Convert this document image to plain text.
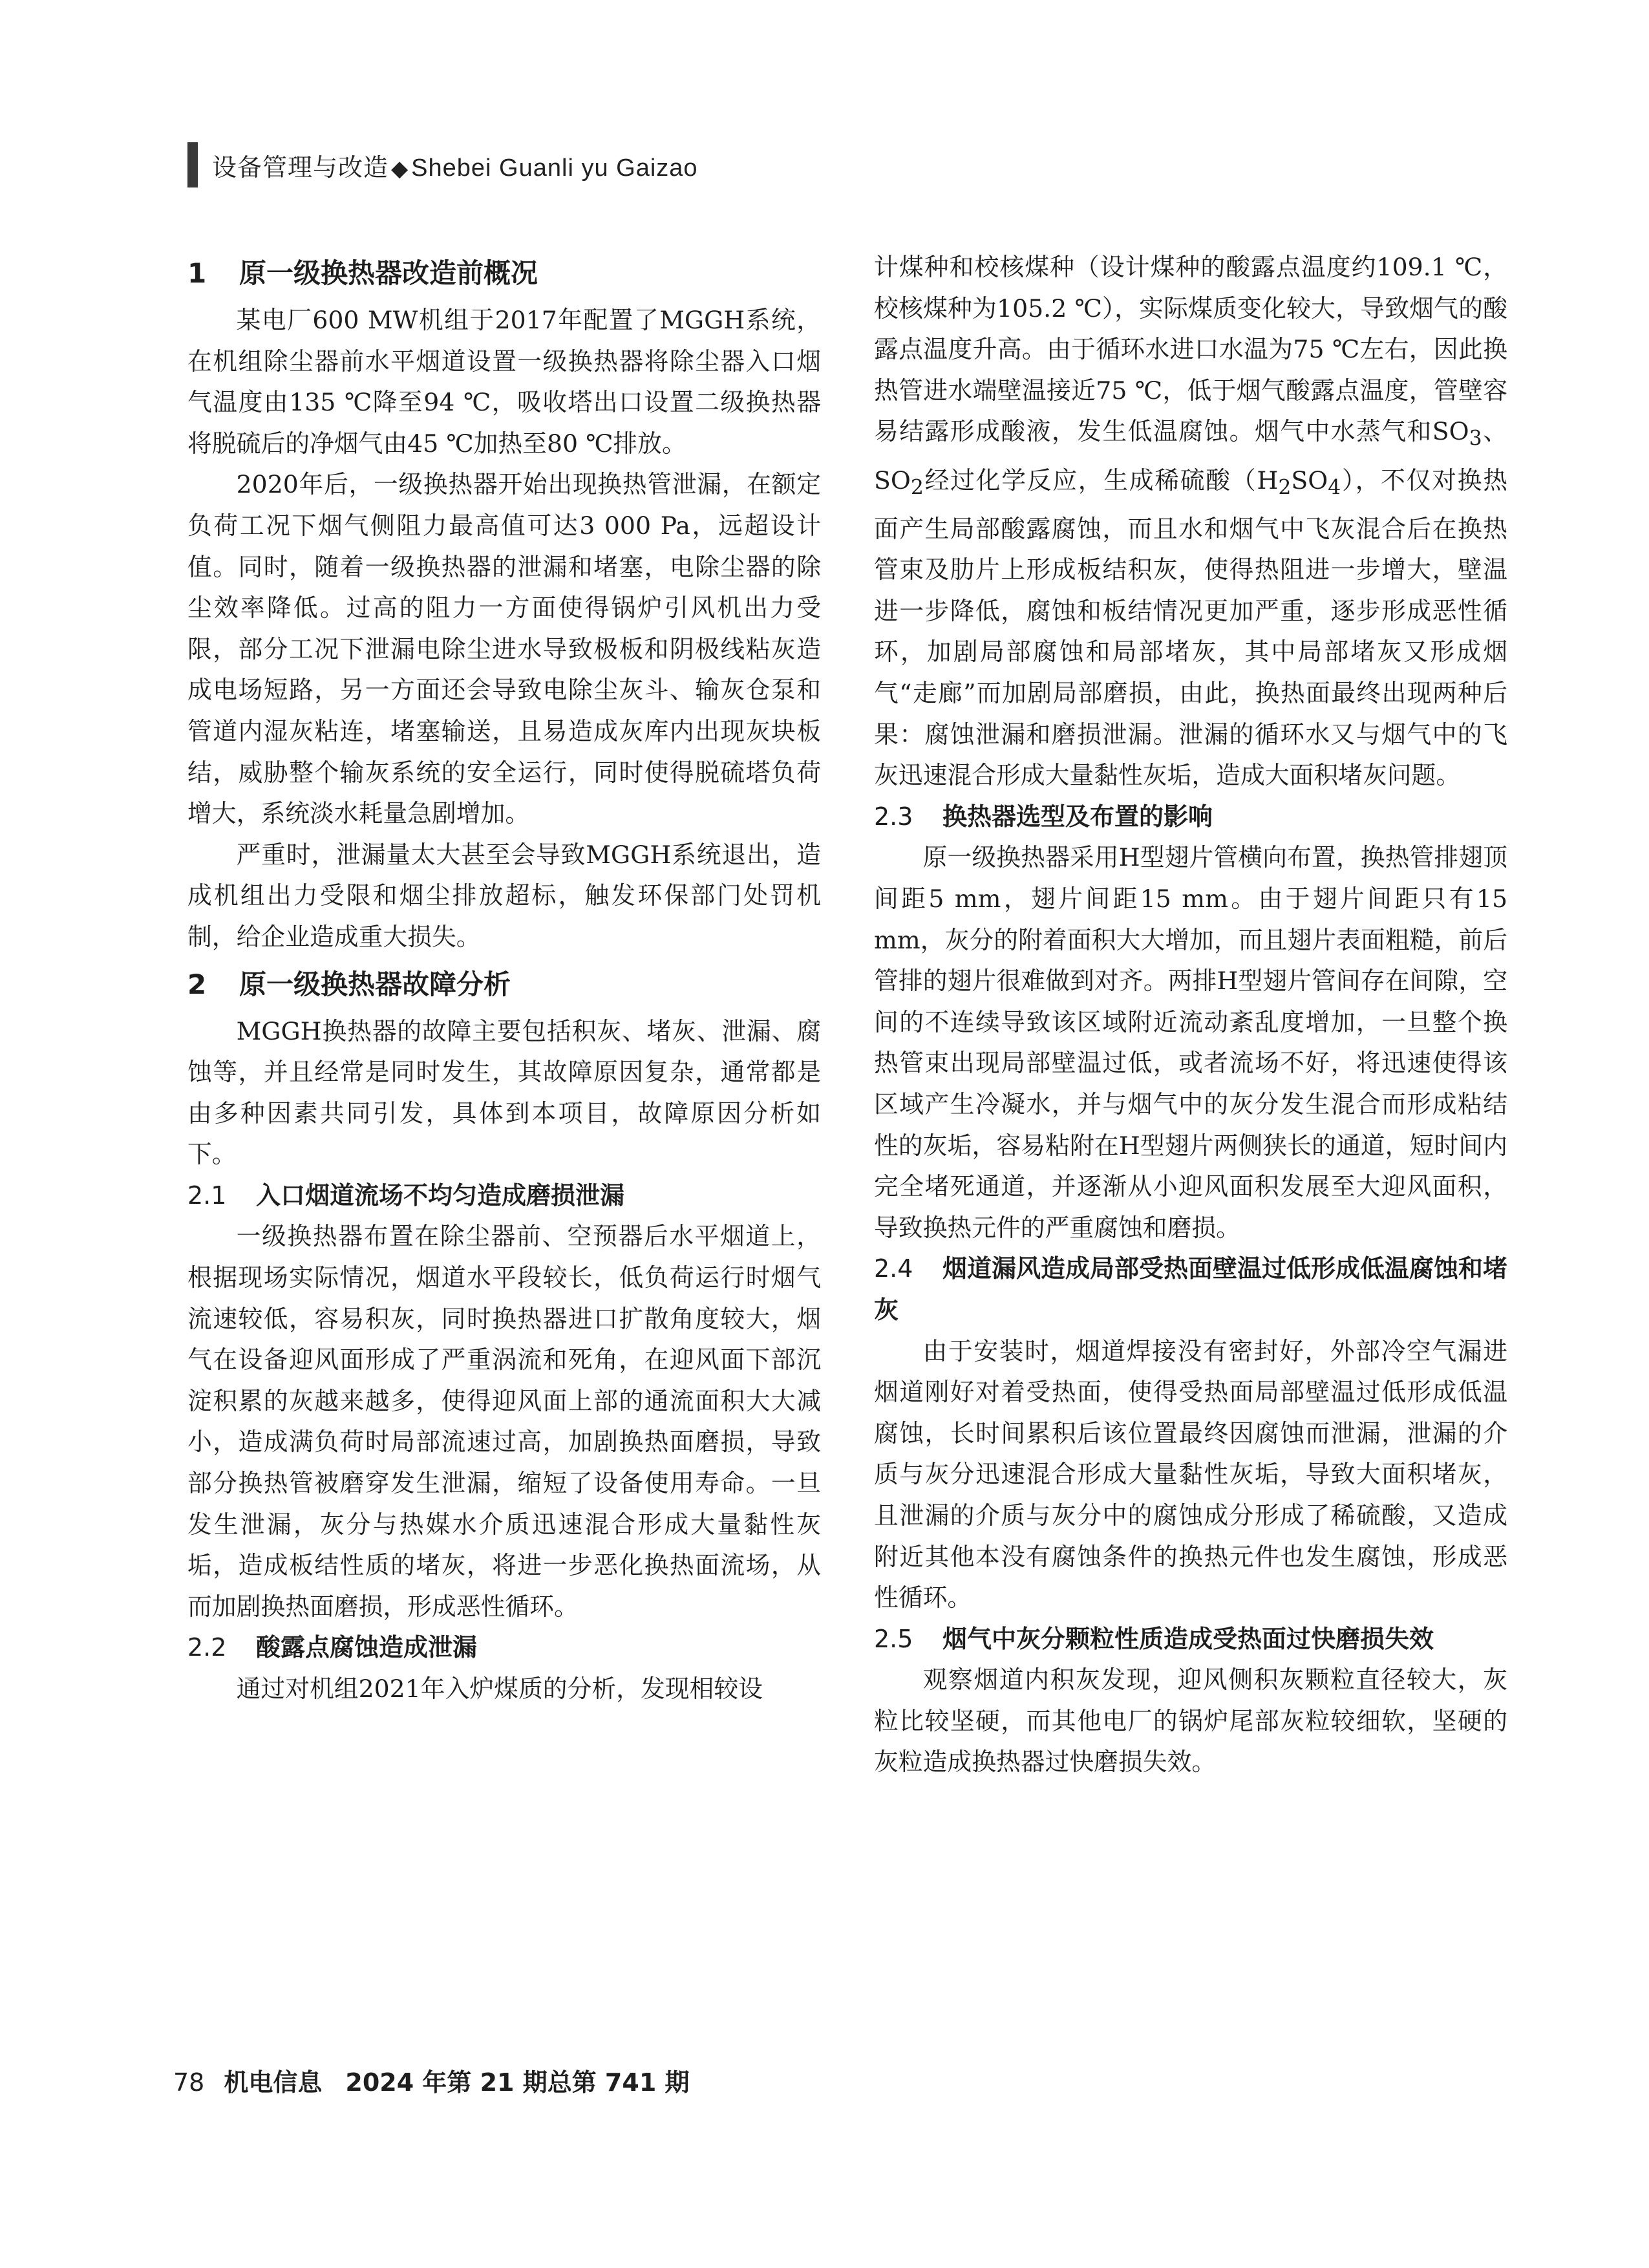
设备管理与改造 ◆ Shebei Guanli yu Gaizao
1 原一级换热器改造前概况

某电厂600 MW机组于2017年配置了MGGH系统，在机组除尘器前水平烟道设置一级换热器将除尘器入口烟气温度由135 ℃降至94 ℃，吸收塔出口设置二级换热器将脱硫后的净烟气由45 ℃加热至80 ℃排放。

2020年后，一级换热器开始出现换热管泄漏，在额定负荷工况下烟气侧阻力最高值可达3 000 Pa，远超设计值。同时，随着一级换热器的泄漏和堵塞，电除尘器的除尘效率降低。过高的阻力一方面使得锅炉引风机出力受限，部分工况下泄漏电除尘进水导致极板和阴极线粘灰造成电场短路，另一方面还会导致电除尘灰斗、输灰仓泵和管道内湿灰粘连，堵塞输送，且易造成灰库内出现灰块板结，威胁整个输灰系统的安全运行，同时使得脱硫塔负荷增大，系统淡水耗量急剧增加。

严重时，泄漏量太大甚至会导致MGGH系统退出，造成机组出力受限和烟尘排放超标，触发环保部门处罚机制，给企业造成重大损失。

2 原一级换热器故障分析

MGGH换热器的故障主要包括积灰、堵灰、泄漏、腐蚀等，并且经常是同时发生，其故障原因复杂，通常都是由多种因素共同引发，具体到本项目，故障原因分析如下。

2.1 入口烟道流场不均匀造成磨损泄漏

一级换热器布置在除尘器前、空预器后水平烟道上，根据现场实际情况，烟道水平段较长，低负荷运行时烟气流速较低，容易积灰，同时换热器进口扩散角度较大，烟气在设备迎风面形成了严重涡流和死角，在迎风面下部沉淀积累的灰越来越多，使得迎风面上部的通流面积大大减小，造成满负荷时局部流速过高，加剧换热面磨损，导致部分换热管被磨穿发生泄漏，缩短了设备使用寿命。一旦发生泄漏，灰分与热媒水介质迅速混合形成大量黏性灰垢，造成板结性质的堵灰，将进一步恶化换热面流场，从而加剧换热面磨损，形成恶性循环。

2.2 酸露点腐蚀造成泄漏

通过对机组2021年入炉煤质的分析，发现相较设

计煤种和校核煤种（设计煤种的酸露点温度约109.1 ℃，校核煤种为105.2 ℃），实际煤质变化较大，导致烟气的酸露点温度升高。由于循环水进口水温为75 ℃左右，因此换热管进水端壁温接近75 ℃，低于烟气酸露点温度，管壁容易结露形成酸液，发生低温腐蚀。烟气中水蒸气和$SO_3$、$SO_2$经过化学反应，生成稀硫酸$(H_2SO_4)$，不仅对换热面产生局部酸露腐蚀，而且水和烟气中飞灰混合后在换热管束及肋片上形成板结积灰，使得热阻进一步增大，壁温进一步降低，腐蚀和板结情况更加严重，逐步形成恶性循环，加剧局部腐蚀和局部堵灰，其中局部堵灰又形成烟气“走廊”而加剧局部磨损，由此，换热面最终出现两种后果：腐蚀泄漏和磨损泄漏。泄漏的循环水又与烟气中的飞灰迅速混合形成大量黏性灰垢，造成大面积堵灰问题。

2.3 换热器选型及布置的影响

原一级换热器采用H型翅片管横向布置，换热管排翅顶间距5 mm，翅片间距15 mm。由于翅片间距只有15 mm，灰分的附着面积大大增加，而且翅片表面粗糙，前后管排的翅片很难做到对齐。两排H型翅片管间存在间隙，空间的不连续导致该区域附近流动紊乱度增加，一旦整个换热管束出现局部壁温过低，或者流场不好，将迅速使得该区域产生冷凝水，并与烟气中的灰分发生混合而形成粘结性的灰垢，容易粘附在H型翅片两侧狭长的通道，短时间内完全堵死通道，并逐渐从小迎风面积发展至大迎风面积，导致换热元件的严重腐蚀和磨损。

2.4 烟道漏风造成局部受热面壁温过低形成低温腐蚀和堵灰

由于安装时，烟道焊接没有密封好，外部冷空气漏进烟道刚好对着受热面，使得受热面局部壁温过低形成低温腐蚀，长时间累积后该位置最终因腐蚀而泄漏，泄漏的介质与灰分迅速混合形成大量黏性灰垢，导致大面积堵灰，且泄漏的介质与灰分中的腐蚀成分形成了稀硫酸，又造成附近其他本没有腐蚀条件的换热元件也发生腐蚀，形成恶性循环。

2.5 烟气中灰分颗粒性质造成受热面过快磨损失效

观察烟道内积灰发现，迎风侧积灰颗粒直径较大，灰粒比较坚硬，而其他电厂的锅炉尾部灰粒较细软，坚硬的灰粒造成换热器过快磨损失效。

78 机电信息 2024 年第 21 期总第 741 期
